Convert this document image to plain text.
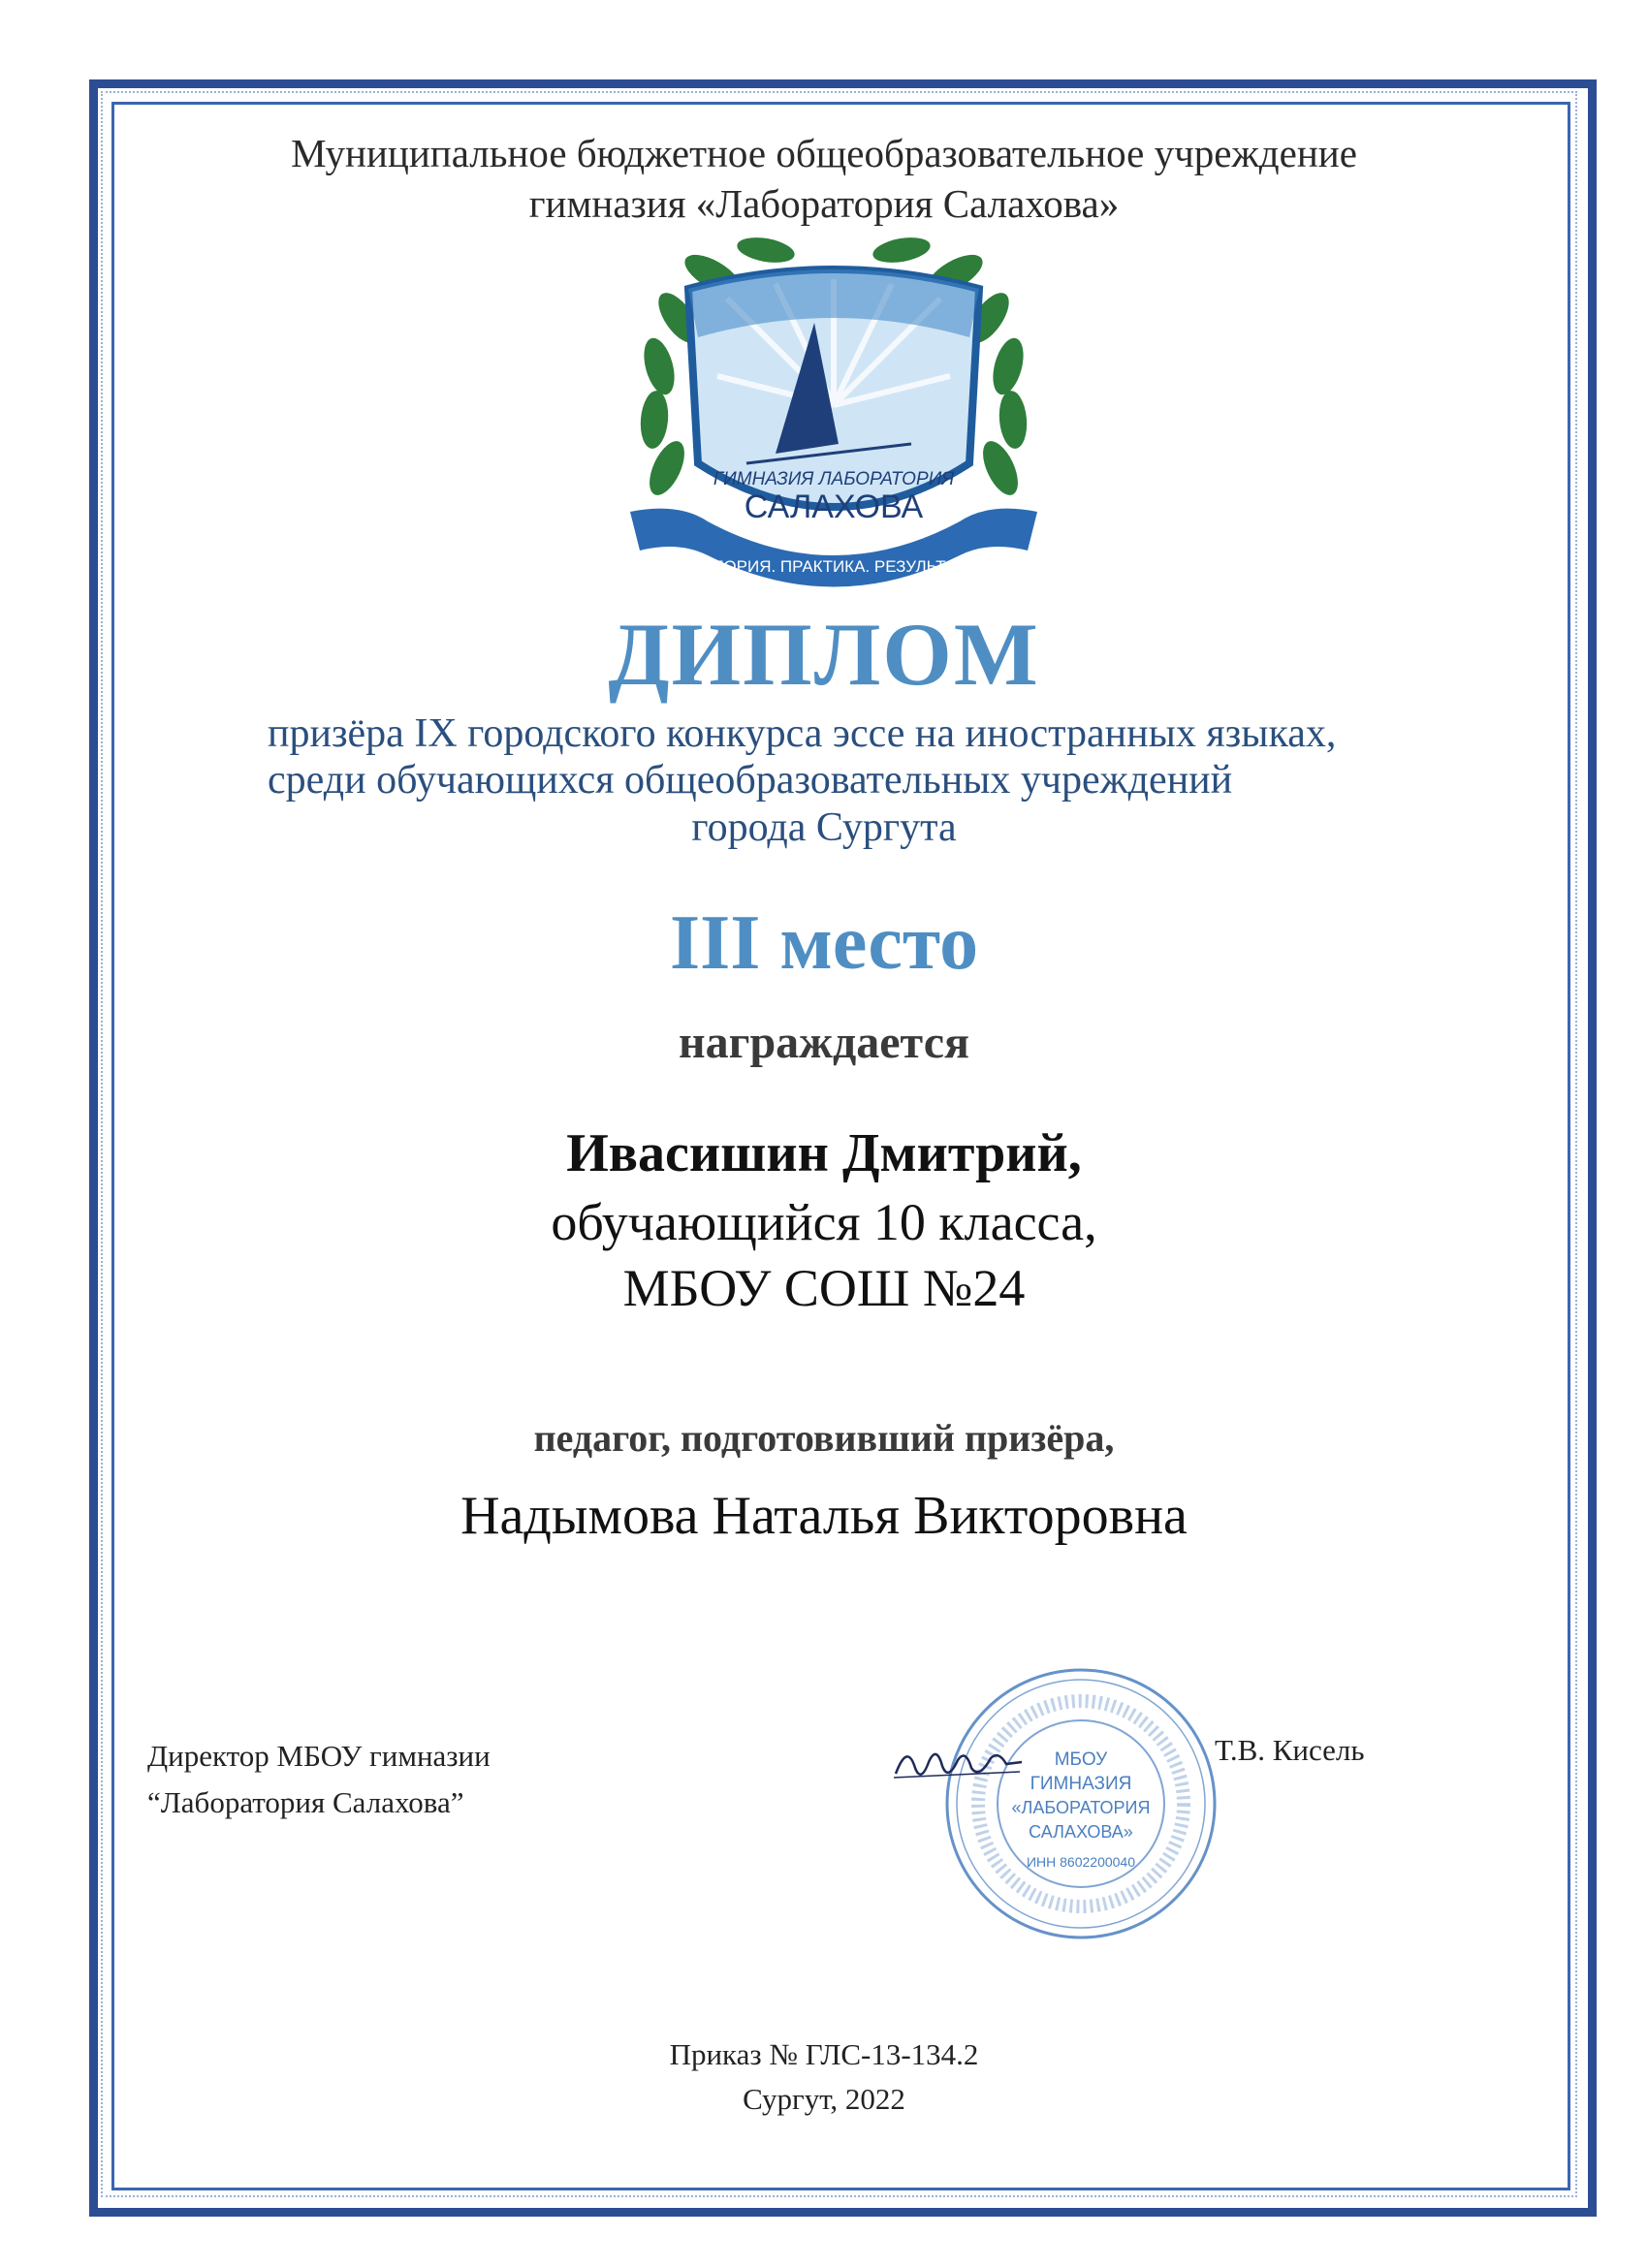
Муниципальное бюджетное общеобразовательное учреждение
гимназия «Лаборатория Салахова»
ГИМНАЗИЯ ЛАБОРАТОРИЯ
САЛАХОВА
ТЕОРИЯ. ПРАКТИКА. РЕЗУЛЬТАТ
ДИПЛОМ
призёра IX городского конкурса эссе на иностранных языках,
среди обучающихся общеобразовательных учреждений
города Сургута
III место
награждается
Ивасишин Дмитрий,
обучающийся 10 класса,
МБОУ СОШ №24
педагог, подготовивший призёра,
Надымова Наталья Викторовна
Директор МБОУ гимназии
“Лаборатория Салахова”
МБОУ
ГИМНАЗИЯ
«ЛАБОРАТОРИЯ
САЛАХОВА»
ИНН 8602200040
Т.В. Кисель
Приказ № ГЛС-13-134.2
Сургут, 2022
